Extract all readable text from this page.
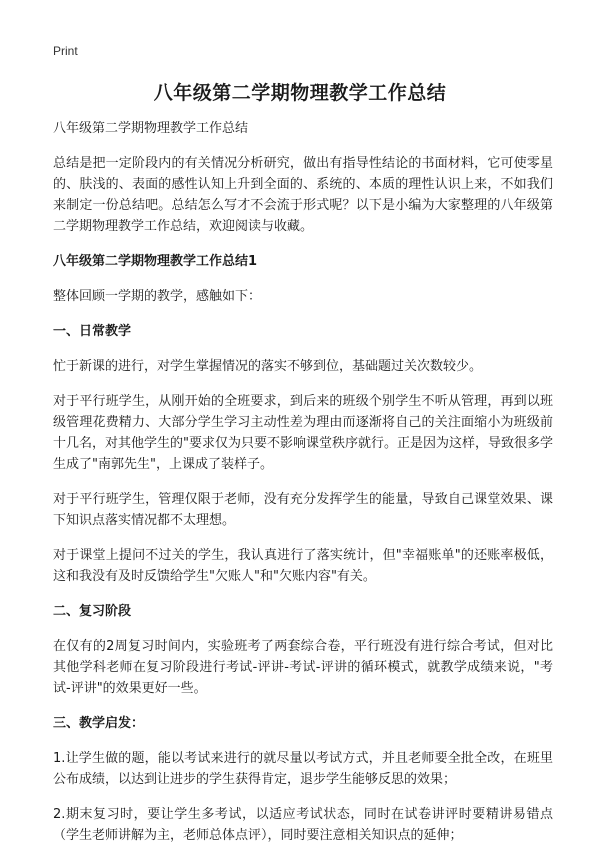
Print
八年级第二学期物理教学工作总结

八年级第二学期物理教学工作总结

总结是把一定阶段内的有关情况分析研究，做出有指导性结论的书面材料，它可使零星的、肤浅的、表面的感性认知上升到全面的、系统的、本质的理性认识上来，不如我们来制定一份总结吧。总结怎么写才不会流于形式呢？以下是小编为大家整理的八年级第二学期物理教学工作总结，欢迎阅读与收藏。

八年级第二学期物理教学工作总结1

整体回顾一学期的教学，感触如下：

一、日常教学

忙于新课的进行，对学生掌握情况的落实不够到位，基础题过关次数较少。

对于平行班学生，从刚开始的全班要求，到后来的班级个别学生不听从管理，再到以班级管理花费精力、大部分学生学习主动性差为理由而逐渐将自己的关注面缩小为班级前十几名，对其他学生的"要求仅为只要不影响课堂秩序就行。正是因为这样，导致很多学生成了"南郭先生"，上课成了装样子。

对于平行班学生，管理仅限于老师，没有充分发挥学生的能量，导致自己课堂效果、课下知识点落实情况都不太理想。

对于课堂上提问不过关的学生，我认真进行了落实统计，但"幸福账单"的还账率极低，这和我没有及时反馈给学生"欠账人"和"欠账内容"有关。

二、复习阶段

在仅有的2周复习时间内，实验班考了两套综合卷，平行班没有进行综合考试，但对比其他学科老师在复习阶段进行考试-评讲-考试-评讲的循环模式，就教学成绩来说，"考试-评讲"的效果更好一些。

三、教学启发：

1.让学生做的题，能以考试来进行的就尽量以考试方式，并且老师要全批全改，在班里公布成绩，以达到让进步的学生获得肯定，退步学生能够反思的效果；

2.期末复习时，要让学生多考试，以适应考试状态，同时在试卷讲评时要精讲易错点（学生老师讲解为主，老师总体点评），同时要注意相关知识点的延伸；
